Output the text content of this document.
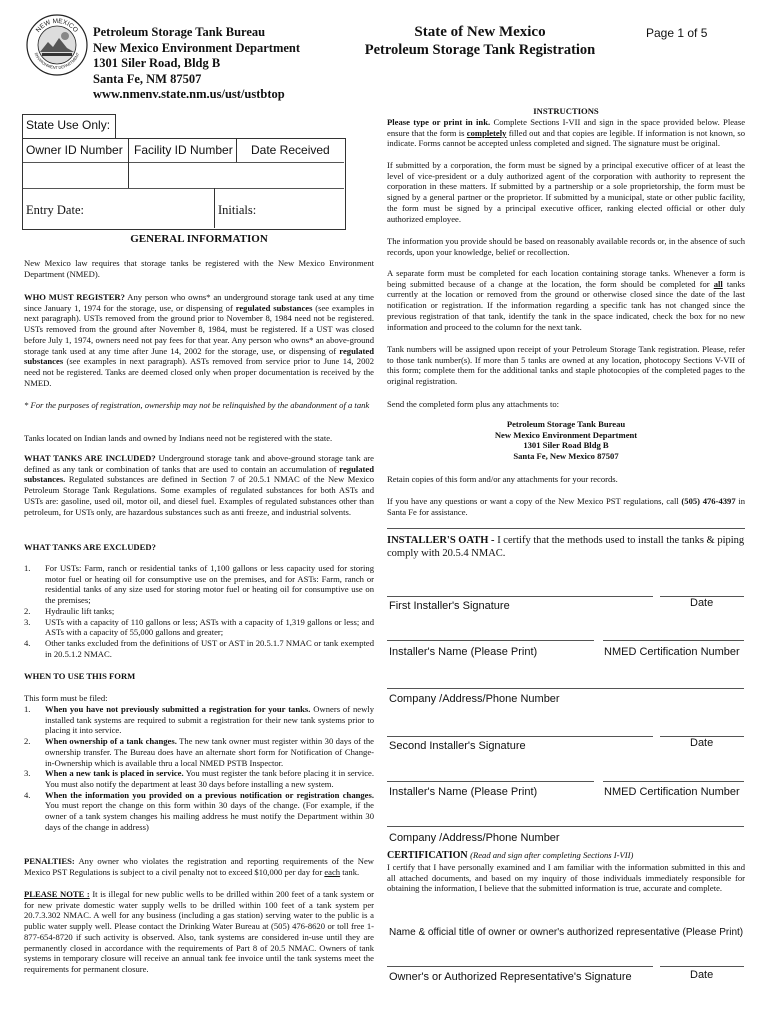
NEW MEXICO
ENVIRONMENT DEPARTMENT
Petroleum Storage Tank Bureau
New Mexico Environment Department
1301 Siler Road, Bldg B
Santa Fe, NM 87507
www.nmenv.state.nm.us/ust/ustbtop
State of New Mexico
Petroleum Storage Tank Registration
Page 1 of 5
State Use Only:
Owner ID Number Facility ID Number Date Received
Entry Date:	Initials:
GENERAL INFORMATION
New Mexico law requires that storage tanks be registered with the New Mexico Environment Department (NMED).
WHO MUST REGISTER? Any person who owns* an underground storage tank used at any time since January 1, 1974 for the storage, use, or dispensing of regulated substances (see examples in next paragraph). USTs removed from the ground prior to November 8, 1984 need not be registered. USTs removed from the ground after November 8, 1984, must be registered. If a UST was closed before July 1, 1974, owners need not pay fees for that year. Any person who owns* an above-ground storage tank used at any time after June 14, 2002 for the storage, use, or dispensing of regulated substances (see examples in next paragraph). ASTs removed from service prior to June 14, 2002 need not be registered. Tanks are deemed closed only when proper documentation is received by the NMED.
* For the purposes of registration, ownership may not be relinquished by the abandonment of a tank
Tanks located on Indian lands and owned by Indians need not be registered with the state.
WHAT TANKS ARE INCLUDED? Underground storage tank and above-ground storage tank are defined as any tank or combination of tanks that are used to contain an accumulation of regulated substances. Regulated substances are defined in Section 7 of 20.5.1 NMAC of the New Mexico Petroleum Storage Tank Regulations. Some examples of regulated substances for both ASTs and USTs are: gasoline, used oil, motor oil, and diesel fuel. Examples of regulated substances other than petroleum, for USTs only, are hazardous substances such as anti freeze, and industrial solvents.
WHAT TANKS ARE EXCLUDED?
1. For USTs: Farm, ranch or residential tanks of 1,100 gallons or less capacity used for storing motor fuel or heating oil for consumptive use on the premises, and for ASTs: Farm, ranch or residential tanks of any size used for storing motor fuel or heating oil for consumptive use on the premises;
2. Hydraulic lift tanks;
3. USTs with a capacity of 110 gallons or less; ASTs with a capacity of 1,319 gallons or less; and ASTs with a capacity of 55,000 gallons and greater;
4. Other tanks excluded from the definitions of UST or AST in 20.5.1.7 NMAC or tank exempted in 20.5.1.2 NMAC.
WHEN TO USE THIS FORM
This form must be filed:
1. When you have not previously submitted a registration for your tanks. Owners of newly installed tank systems are required to submit a registration for their new tank systems prior to placing it into service.
2. When ownership of a tank changes. The new tank owner must register within 30 days of the ownership transfer. The Bureau does have an alternate short form for Notification of Change-in-Ownership which is available thru a local NMED PSTB Inspector.
3. When a new tank is placed in service. You must register the tank before placing it in service. You must also notify the department at least 30 days before installing a new system.
4. When the information you provided on a previous notification or registration changes. You must report the change on this form within 30 days of the change. (For example, if the owner of a tank system changes his mailing address he must notify the Department within 30 days of the change in address)
PENALTIES: Any owner who violates the registration and reporting requirements of the New Mexico PST Regulations is subject to a civil penalty not to exceed $10,000 per day for each tank.
PLEASE NOTE : It is illegal for new public wells to be drilled within 200 feet of a tank system or for new private domestic water supply wells to be drilled within 100 feet of a tank system per 20.7.3.302 NMAC. A well for any business (including a gas station) serving water to the public is a public water supply well. Please contact the Drinking Water Bureau at (505) 476-8620 or toll free 1-877-654-8720 if such activity is observed. Also, tank systems are considered in-use until they are permanently closed in accordance with the requirements of Part 8 of 20.5 NMAC. Owners of tank systems in temporary closure will receive an annual tank fee invoice until the tank systems meet the requirements for permanent closure.
INSTRUCTIONS
Please type or print in ink. Complete Sections I-VII and sign in the space provided below. Please ensure that the form is completely filled out and that copies are legible. If information is not known, so indicate. Forms cannot be accepted unless completed and signed. The signature must be original.
If submitted by a corporation, the form must be signed by a principal executive officer of at least the level of vice-president or a duly authorized agent of the corporation with authority to represent the corporation in these matters. If submitted by a partnership or a sole proprietorship, the form must be signed by a general partner or the proprietor. If submitted by a municipal, state or other public facility, the form must be signed by a principal executive officer, ranking elected official or other duly authorized employee.
The information you provide should be based on reasonably available records or, in the absence of such records, upon your knowledge, belief or recollection.
A separate form must be completed for each location containing storage tanks. Whenever a form is being submitted because of a change at the location, the form should be completed for all tanks currently at the location or removed from the ground or otherwise closed since the date of the last notification or registration. If the information regarding a specific tank has not changed since the previous registration of that tank, identify the tank in the space indicated, check the box for no new information and proceed to the column for the next tank.
Tank numbers will be assigned upon receipt of your Petroleum Storage Tank registration. Please, refer to those tank number(s). If more than 5 tanks are owned at any location, photocopy Sections V-VII of this form; complete them for the additional tanks and staple photocopies of the completed pages to the original registration.
Send the completed form plus any attachments to:
Petroleum Storage Tank Bureau
New Mexico Environment Department
1301 Siler Road Bldg B
Santa Fe, New Mexico 87507
Retain copies of this form and/or any attachments for your records.
If you have any questions or want a copy of the New Mexico PST regulations, call (505) 476-4397 in Santa Fe for assistance.
INSTALLER'S OATH - I certify that the methods used to install the tanks & piping comply with 20.5.4 NMAC.
First Installer's Signature	Date
Installer's Name (Please Print)	NMED Certification Number
Company /Address/Phone Number
Second Installer's Signature	Date
Installer's Name (Please Print)	NMED Certification Number
Company /Address/Phone Number
CERTIFICATION (Read and sign after completing Sections I-VII)
I certify that I have personally examined and I am familiar with the information submitted in this and all attached documents, and based on my inquiry of those individuals immediately responsible for obtaining the information, I believe that the submitted information is true, accurate and complete.
Name & official title of owner or owner's authorized representative (Please Print)
Owner's or Authorized Representative's Signature	Date
